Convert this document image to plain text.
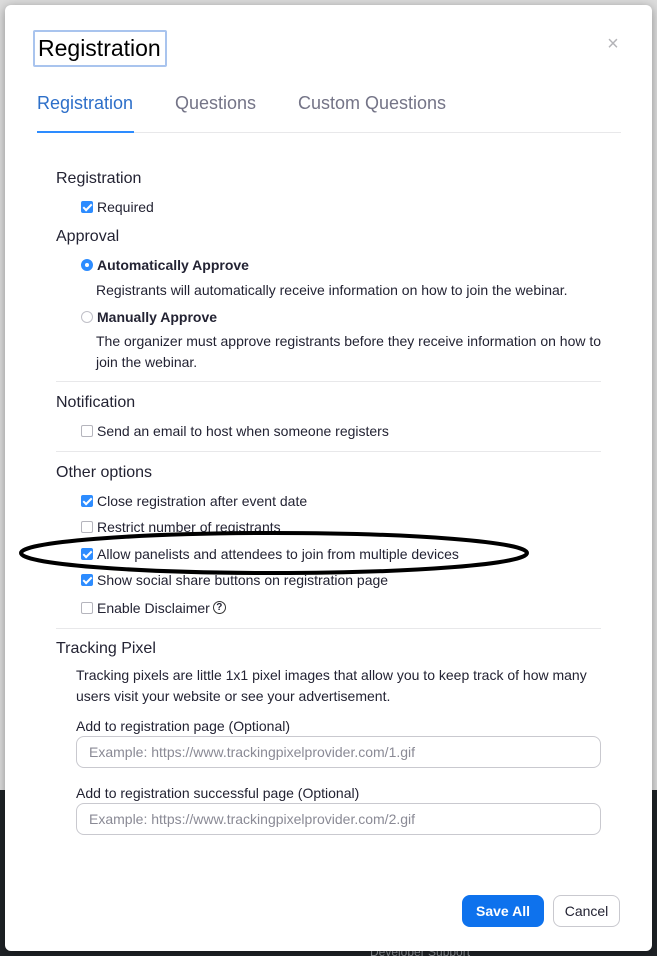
Registration	×
Registration Questions Custom Questions
Registration
Required
Approval
Automatically Approve
Registrants will automatically receive information on how to join the webinar.
Manually Approve
The organizer must approve registrants before they receive information on how to
join the webinar.
Notification
Send an email to host when someone registers
Other options
Close registration after event date
Restrict number of registrants
Allow panelists and attendees to join from multiple devices
Show social share buttons on registration page
Enable Disclaimer ?
Tracking Pixel
Tracking pixels are little 1x1 pixel images that allow you to keep track of how many
users visit your website or see your advertisement.
Add to registration page (Optional)
Example: https://www.trackingpixelprovider.com/1.gif
Add to registration successful page (Optional)
Example: https://www.trackingpixelprovider.com/2.gif
Save All	Cancel
